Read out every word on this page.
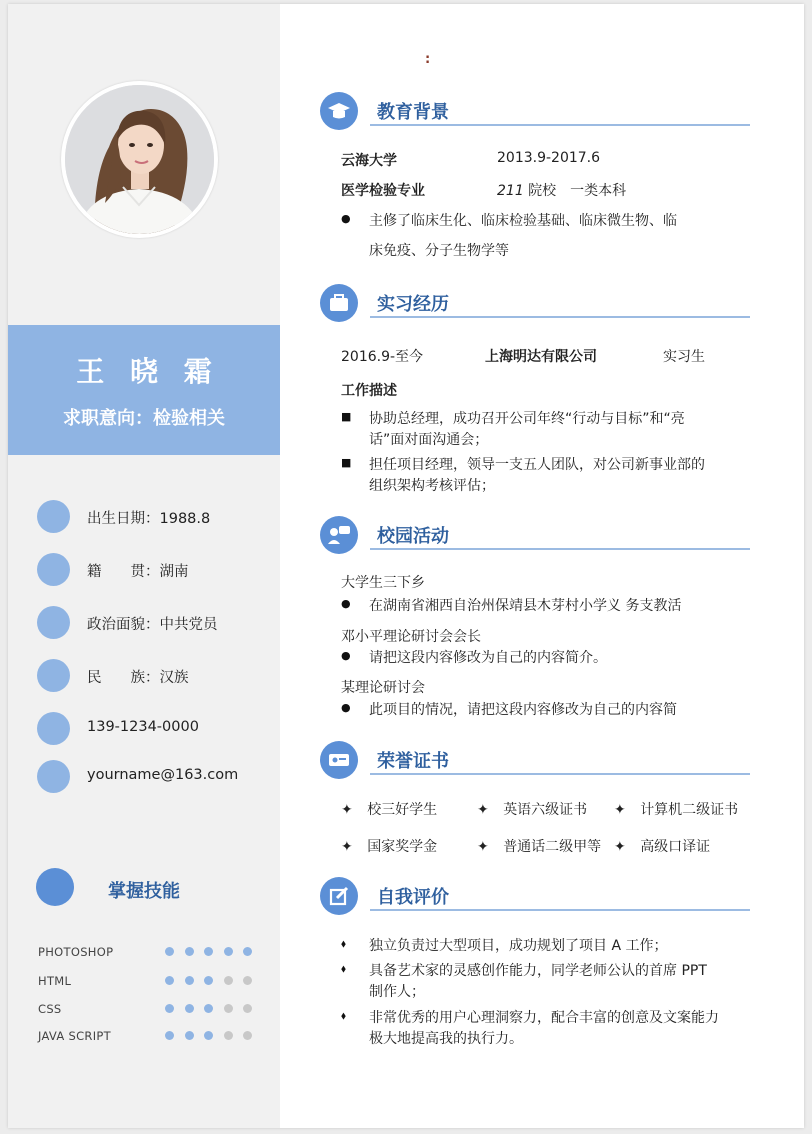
王 晓 霜
求职意向：检验相关
出生日期：1988.8
籍　　贯：湖南
政治面貌：中共党员
民　　族：汉族
139-1234-0000
yourname@163.com
掌握技能
PHOTOSHOP
HTML
CSS
JAVA SCRIPT
:
教育背景
云海大学	2013.9-2017.6
医学检验专业	211 院校　一类本科
● 主修了临床生化、临床检验基础、临床微生物、临
床免疫、分子生物学等
实习经历
2016.9-至今	上海明达有限公司	实习生
工作描述
■ 协助总经理，成功召开公司年终“行动与目标”和“亮
话”面对面沟通会；
■ 担任项目经理，领导一支五人团队，对公司新事业部的
组织架构考核评估；
校园活动
大学生三下乡
● 在湖南省湘西自治州保靖县木芽村小学义 务支教活
邓小平理论研讨会会长
● 请把这段内容修改为自己的内容简介。
某理论研讨会
● 此项目的情况，请把这段内容修改为自己的内容简
荣誉证书
✦ 校三好学生	✦ 英语六级证书 ✦ 计算机二级证书
✦ 国家奖学金	✦ 普通话二级甲等 ✦ 高级口译证
自我评价
⬧ 独立负责过大型项目，成功规划了项目 A 工作；
⬧ 具备艺术家的灵感创作能力，同学老师公认的首席 PPT
制作人；
⬧ 非常优秀的用户心理洞察力，配合丰富的创意及文案能力
极大地提高我的执行力。
